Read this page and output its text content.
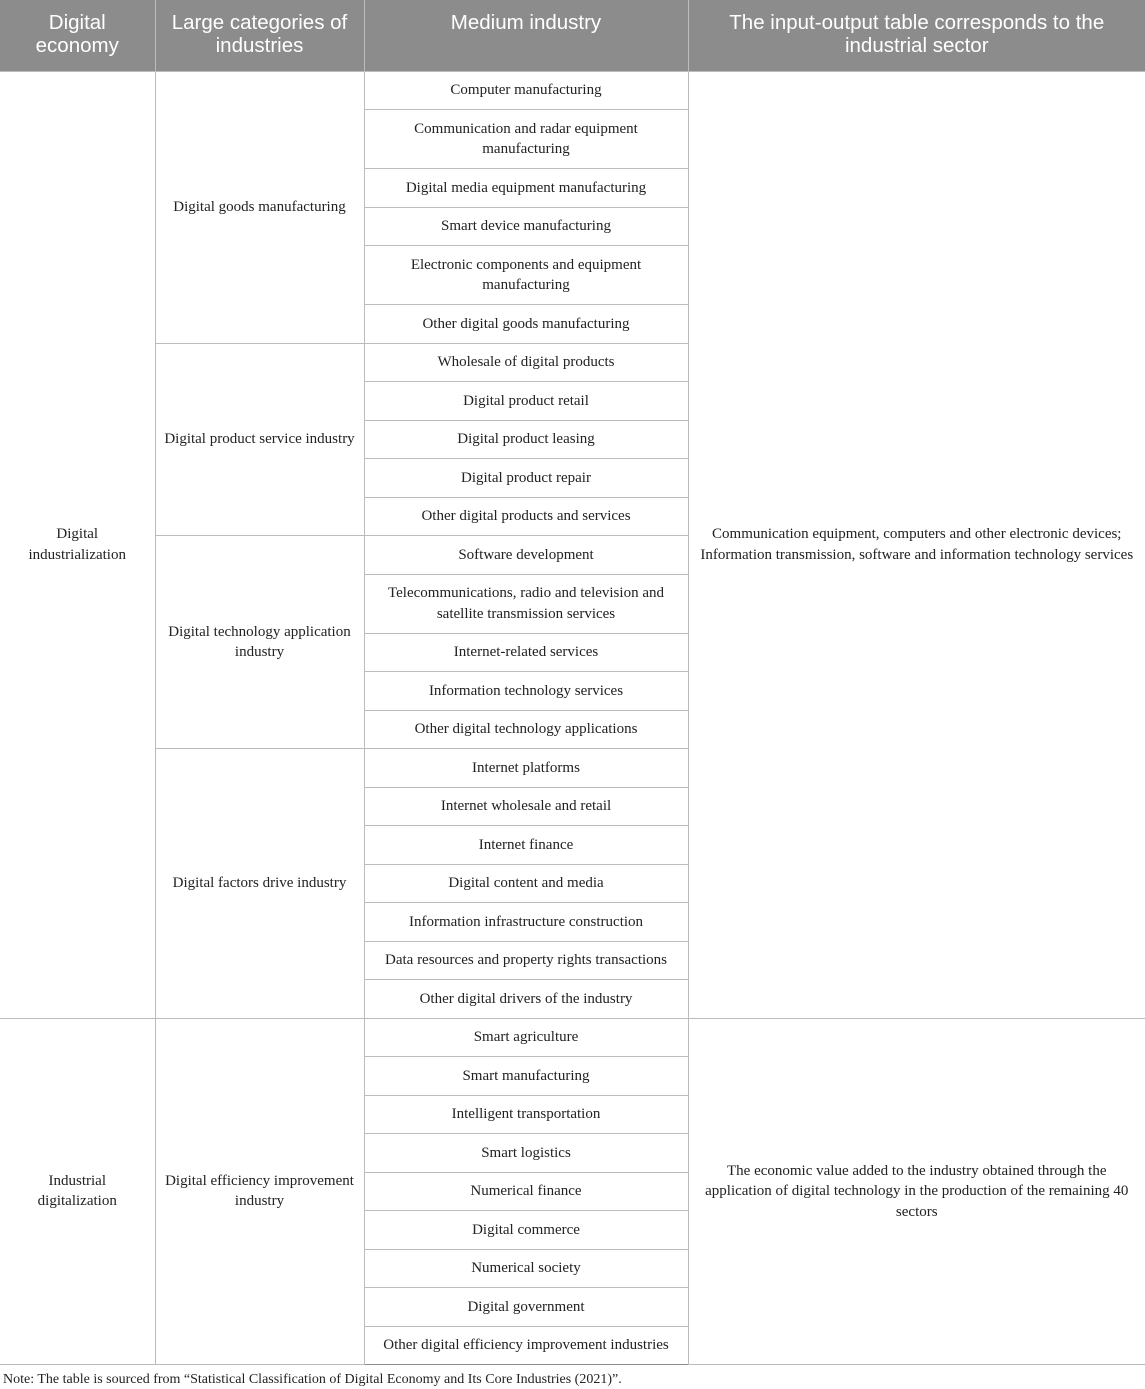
Digital economy	Large categories of industries	Medium industry	The input-output table corresponds to the industrial sector

Digital industrialization	Digital goods manufacturing	Computer manufacturing	Communication equipment, computers and other electronic devices; Information transmission, software and information technology services
		Communication and radar equipment manufacturing	
		Digital media equipment manufacturing	
		Smart device manufacturing	
		Electronic components and equipment manufacturing	
		Other digital goods manufacturing	
	Digital product service industry	Wholesale of digital products	
		Digital product retail	
		Digital product leasing	
		Digital product repair	
		Other digital products and services	
	Digital technology application industry	Software development	
		Telecommunications, radio and television and satellite transmission services	
		Internet-related services	
		Information technology services	
		Other digital technology applications	
	Digital factors drive industry	Internet platforms	
		Internet wholesale and retail	
		Internet finance	
		Digital content and media	
		Information infrastructure construction	
		Data resources and property rights transactions	
		Other digital drivers of the industry	
Industrial digitalization	Digital efficiency improvement industry	Smart agriculture	The economic value added to the industry obtained through the application of digital technology in the production of the remaining 40 sectors
		Smart manufacturing	
		Intelligent transportation	
		Smart logistics	
		Numerical finance	
		Digital commerce	
		Numerical society	
		Digital government	
		Other digital efficiency improvement industries	
Note: The table is sourced from “Statistical Classification of Digital Economy and Its Core Industries (2021)”.
